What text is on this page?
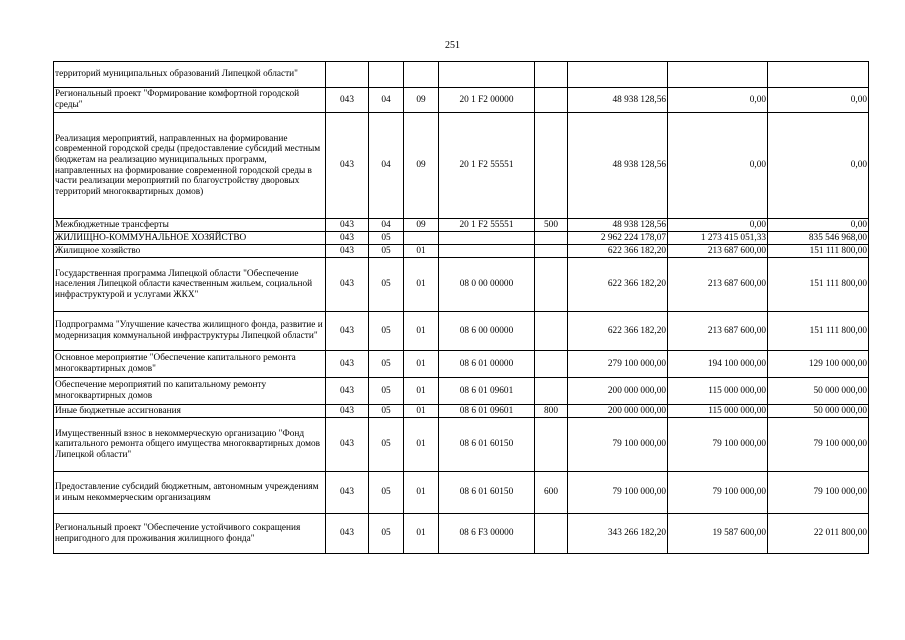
251
территорий муниципальных образований Липецкой области"								
Региональный проект "Формирование комфортной городской среды"	043	04	09	20 1 F2 00000		48 938 128,56	0,00	0,00
Реализация мероприятий, направленных на формирование современной городской среды (предоставление субсидий местным бюджетам на реализацию муниципальных программ, направленных на формирование современной городской среды в части реализации мероприятий по благоустройству дворовых территорий многоквартирных домов)	043	04	09	20 1 F2 55551		48 938 128,56	0,00	0,00
Межбюджетные трансферты	043	04	09	20 1 F2 55551	500	48 938 128,56	0,00	0,00
ЖИЛИЩНО-КОММУНАЛЬНОЕ ХОЗЯЙСТВО	043	05				2 962 224 178,07	1 273 415 051,33	835 546 968,00
Жилищное хозяйство	043	05	01			622 366 182,20	213 687 600,00	151 111 800,00
Государственная программа Липецкой области "Обеспечение населения Липецкой области качественным жильем, социальной инфраструктурой и услугами ЖКХ"	043	05	01	08 0 00 00000		622 366 182,20	213 687 600,00	151 111 800,00
Подпрограмма "Улучшение качества жилищного фонда, развитие и модернизация коммунальной инфраструктуры Липецкой области"	043	05	01	08 6 00 00000		622 366 182,20	213 687 600,00	151 111 800,00
Основное мероприятие "Обеспечение капитального ремонта многоквартирных домов"	043	05	01	08 6 01 00000		279 100 000,00	194 100 000,00	129 100 000,00
Обеспечение мероприятий по капитальному ремонту многоквартирных домов	043	05	01	08 6 01 09601		200 000 000,00	115 000 000,00	50 000 000,00
Иные бюджетные ассигнования	043	05	01	08 6 01 09601	800	200 000 000,00	115 000 000,00	50 000 000,00
Имущественный взнос в некоммерческую организацию "Фонд капитального ремонта общего имущества многоквартирных домов Липецкой области"	043	05	01	08 6 01 60150		79 100 000,00	79 100 000,00	79 100 000,00
Предоставление субсидий бюджетным, автономным учреждениям и иным некоммерческим организациям	043	05	01	08 6 01 60150	600	79 100 000,00	79 100 000,00	79 100 000,00
Региональный проект "Обеспечение устойчивого сокращения непригодного для проживания жилищного фонда"	043	05	01	08 6 F3 00000		343 266 182,20	19 587 600,00	22 011 800,00
